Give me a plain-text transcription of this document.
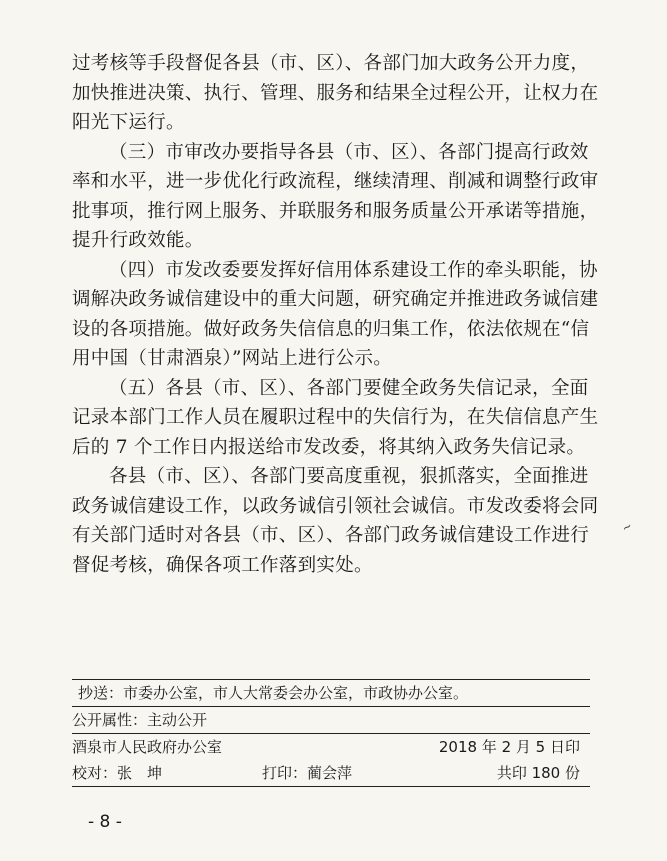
过考核等手段督促各县（市、区）、各部门加大政务公开力度，
加快推进决策、执行、管理、服务和结果全过程公开，让权力在
阳光下运行。
（三）市审改办要指导各县（市、区）、各部门提高行政效
率和水平，进一步优化行政流程，继续清理、削减和调整行政审
批事项，推行网上服务、并联服务和服务质量公开承诺等措施，
提升行政效能。
（四）市发改委要发挥好信用体系建设工作的牵头职能，协
调解决政务诚信建设中的重大问题，研究确定并推进政务诚信建
设的各项措施。做好政务失信信息的归集工作，依法依规在“信
用中国（甘肃酒泉）”网站上进行公示。
（五）各县（市、区）、各部门要健全政务失信记录，全面
记录本部门工作人员在履职过程中的失信行为，在失信信息产生
后的 7 个工作日内报送给市发改委，将其纳入政务失信记录。
各县（市、区）、各部门要高度重视，狠抓落实，全面推进
政务诚信建设工作，以政务诚信引领社会诚信。市发改委将会同
有关部门适时对各县（市、区）、各部门政务诚信建设工作进行
督促考核，确保各项工作落到实处。
∼
抄送：市委办公室，市人大常委会办公室，市政协办公室。
公开属性：主动公开
酒泉市人民政府办公室	2018 年 2 月 5 日印
校对：张　坤	打印：蔺会萍	共印 180 份
- 8 -
